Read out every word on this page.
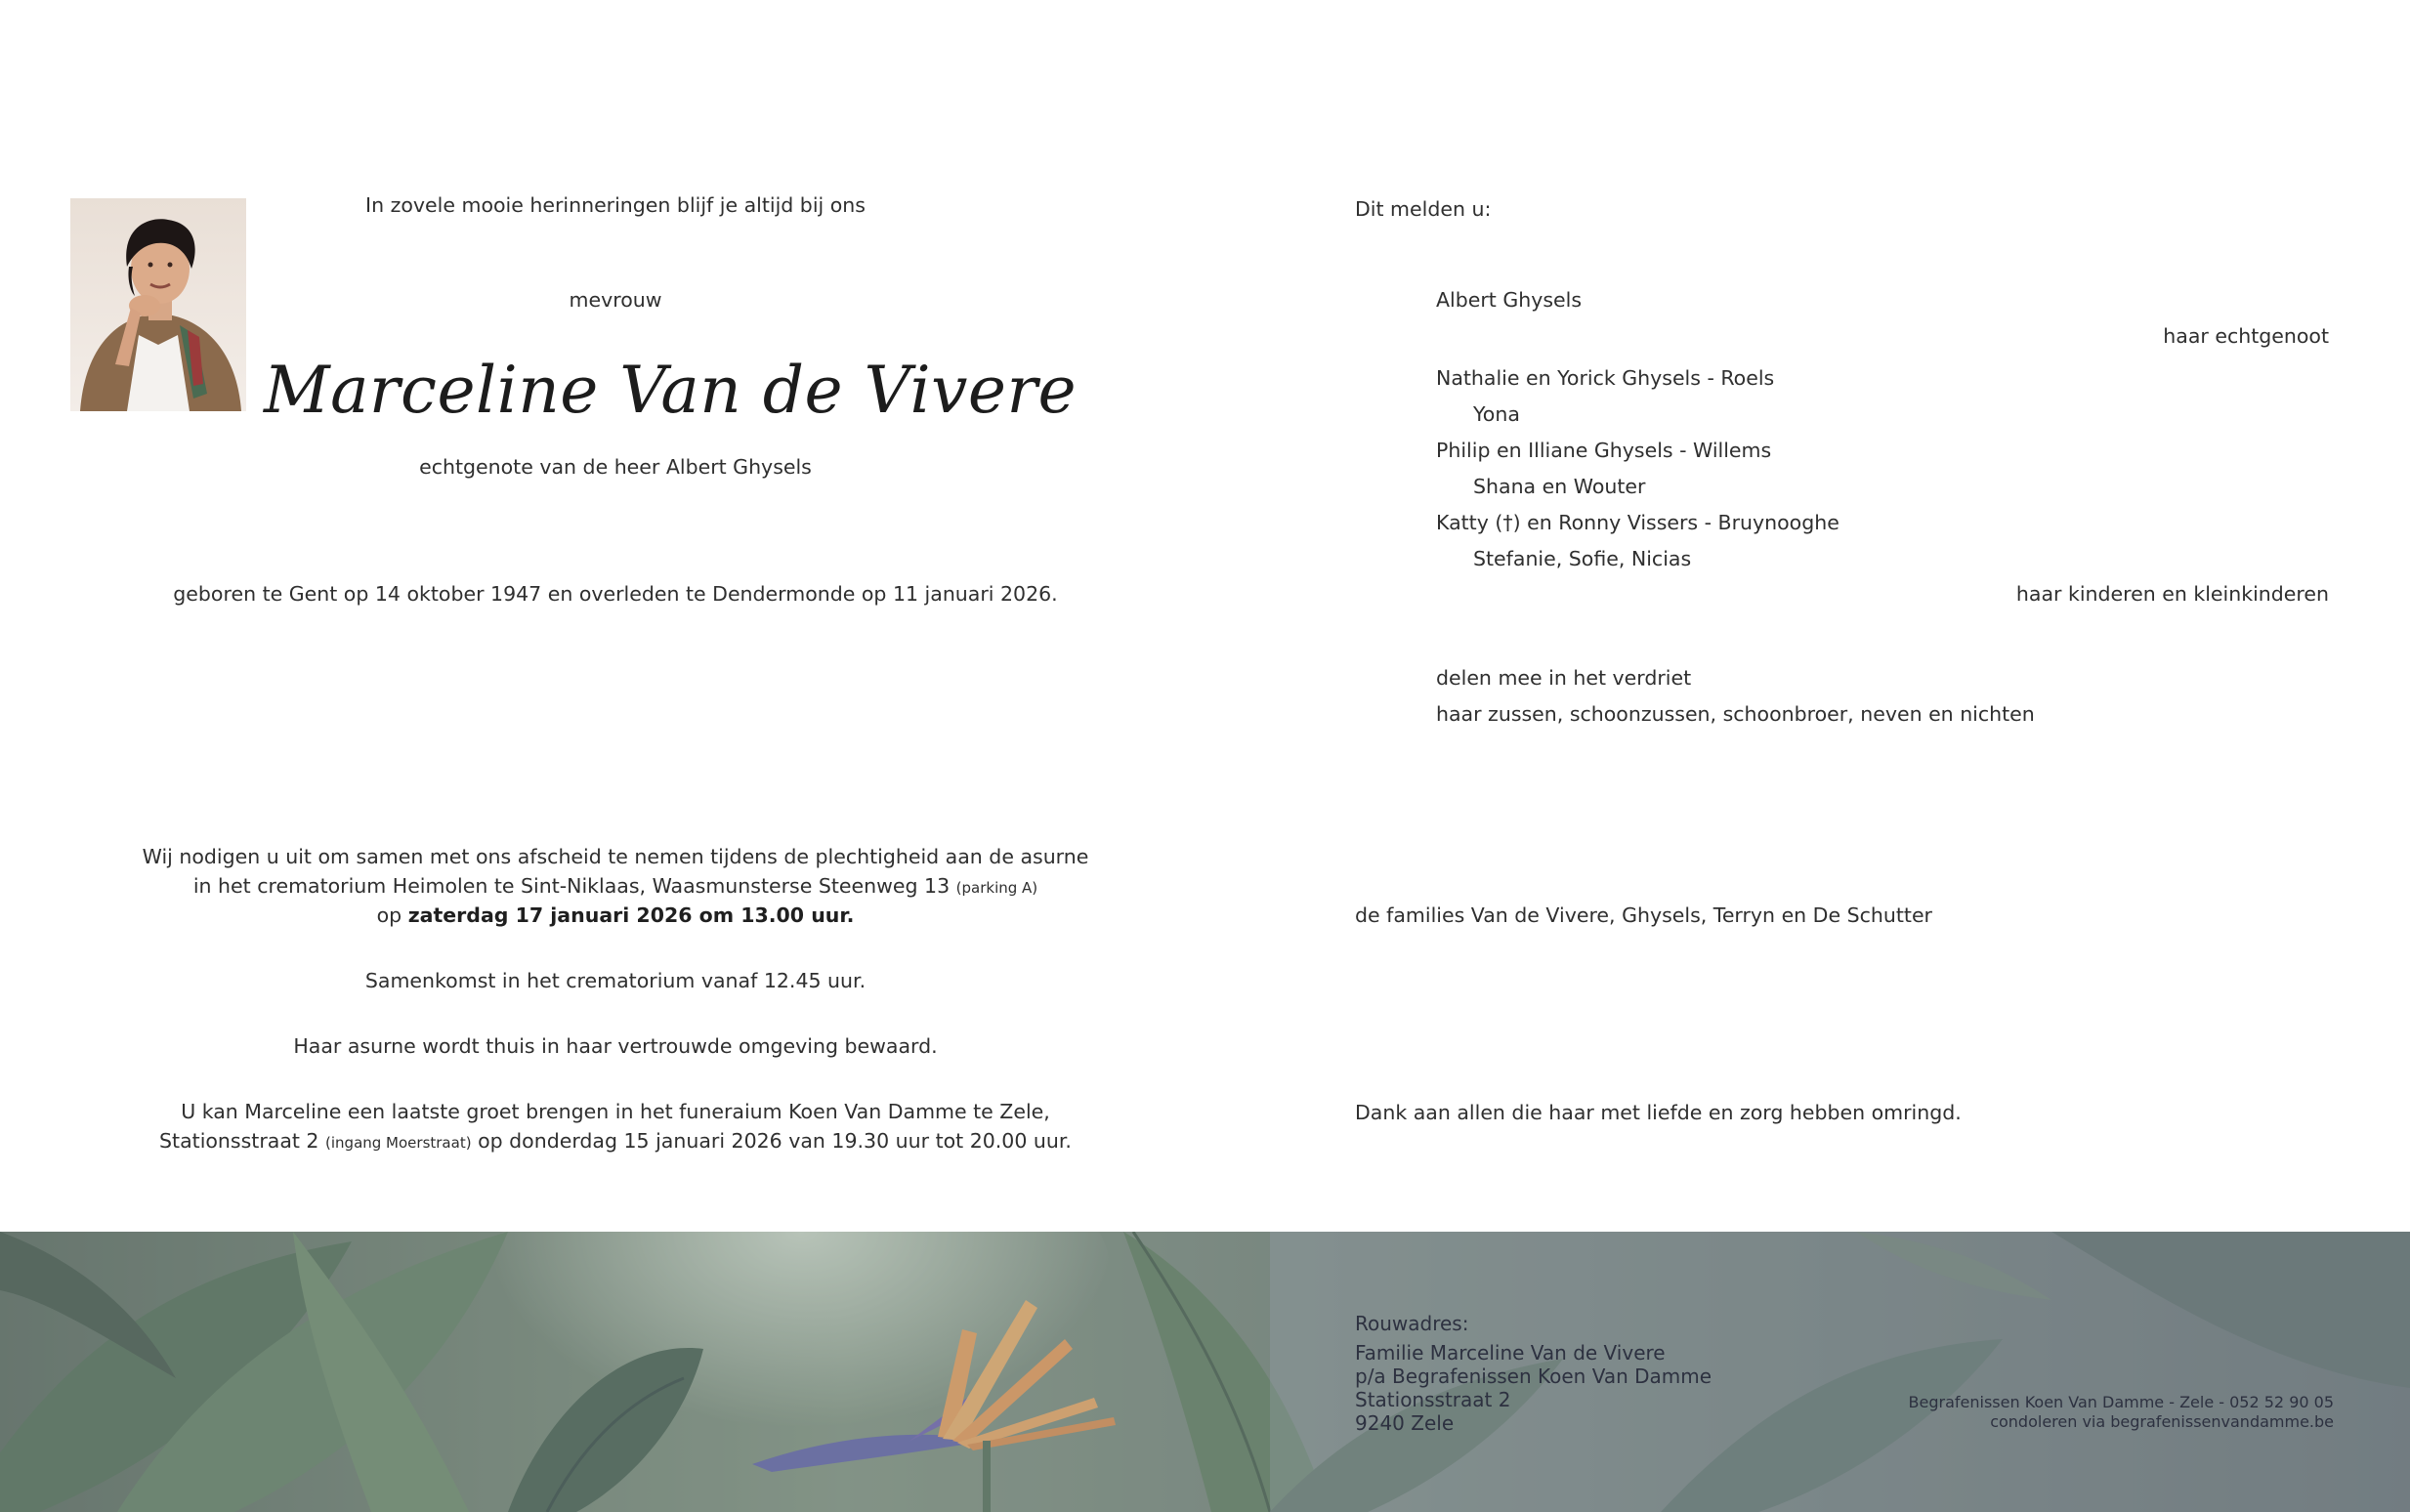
In zovele mooie herinneringen blijf je altijd bij ons
mevrouw
Marceline Van de Vivere
echtgenote van de heer Albert Ghysels
geboren te Gent op 14 oktober 1947 en overleden te Dendermonde op 11 januari 2026.
Wij nodigen u uit om samen met ons afscheid te nemen tijdens de plechtigheid aan de asurne
in het crematorium Heimolen te Sint-Niklaas, Waasmunsterse Steenweg 13 (parking A)
op zaterdag 17 januari 2026 om 13.00 uur.
Samenkomst in het crematorium vanaf 12.45 uur.
Haar asurne wordt thuis in haar vertrouwde omgeving bewaard.
U kan Marceline een laatste groet brengen in het funeraium Koen Van Damme te Zele,
Stationsstraat 2 (ingang Moerstraat) op donderdag 15 januari 2026 van 19.30 uur tot 20.00 uur.
Dit melden u:
Albert Ghysels
haar echtgenoot
Nathalie en Yorick Ghysels - Roels
Yona
Philip en Illiane Ghysels - Willems
Shana en Wouter
Katty (†) en Ronny Vissers - Bruynooghe
Stefanie, Sofie, Nicias
haar kinderen en kleinkinderen
delen mee in het verdriet
haar zussen, schoonzussen, schoonbroer, neven en nichten
de families Van de Vivere, Ghysels, Terryn en De Schutter
Dank aan allen die haar met liefde en zorg hebben omringd.
Rouwadres:
Familie Marceline Van de Vivere
p/a Begrafenissen Koen Van Damme
Stationsstraat 2
9240 Zele
Begrafenissen Koen Van Damme - Zele - 052 52 90 05
condoleren via begrafenissenvandamme.be
